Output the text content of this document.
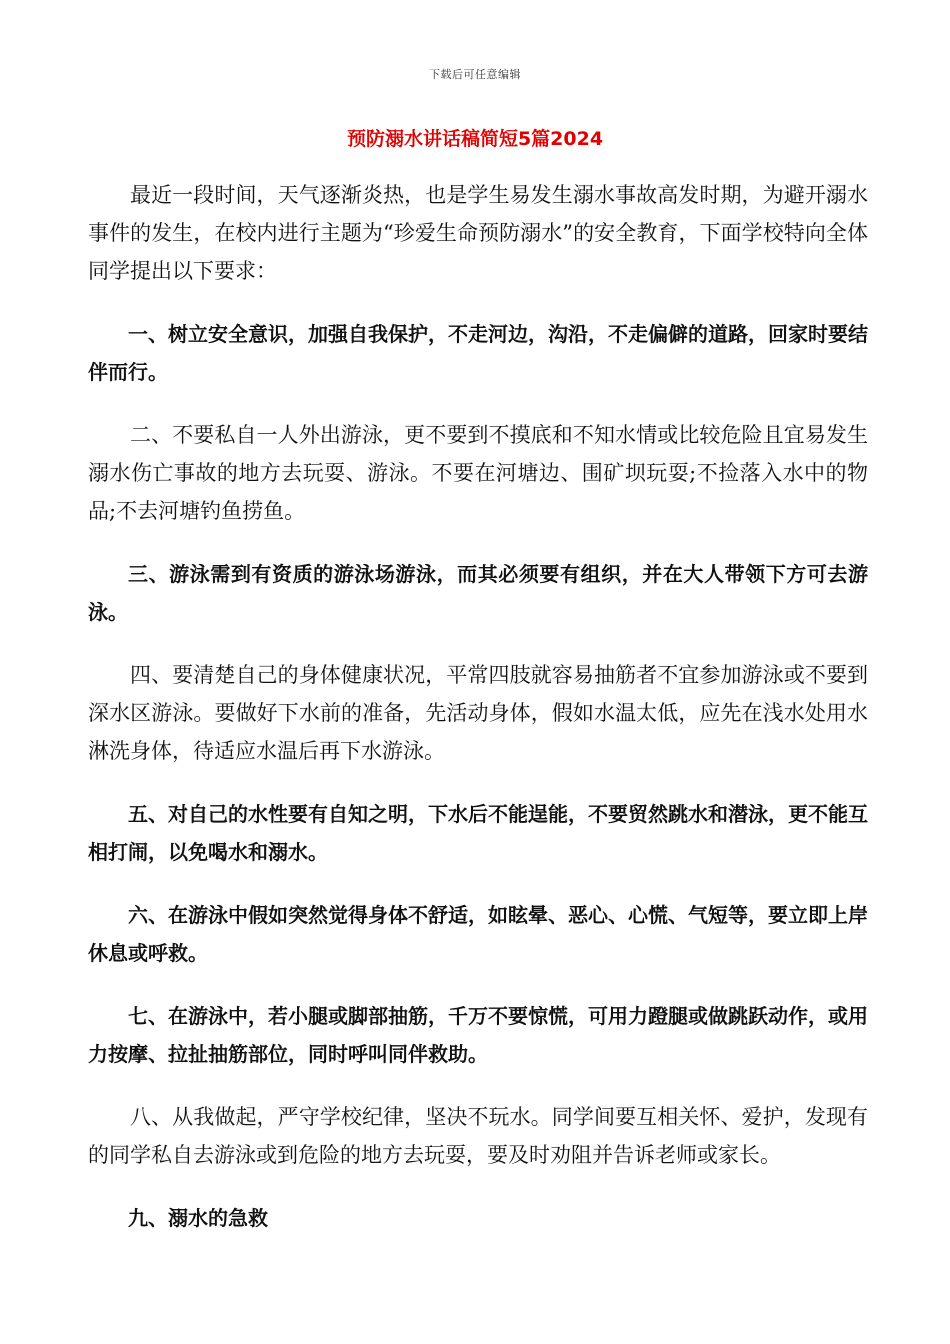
下载后可任意编辑
预防溺水讲话稿简短5篇2024

最近一段时间，天气逐渐炎热，也是学生易发生溺水事故高发时期，为避开溺水事件的发生，在校内进行主题为“珍爱生命预防溺水”的安全教育，下面学校特向全体同学提出以下要求：

一、树立安全意识，加强自我保护，不走河边，沟沿，不走偏僻的道路，回家时要结伴而行。

二、不要私自一人外出游泳，更不要到不摸底和不知水情或比较危险且宜易发生溺水伤亡事故的地方去玩耍、游泳。不要在河塘边、围矿坝玩耍;不捡落入水中的物品;不去河塘钓鱼捞鱼。

三、游泳需到有资质的游泳场游泳，而其必须要有组织，并在大人带领下方可去游泳。

四、要清楚自己的身体健康状况，平常四肢就容易抽筋者不宜参加游泳或不要到深水区游泳。要做好下水前的准备，先活动身体，假如水温太低，应先在浅水处用水淋洗身体，待适应水温后再下水游泳。

五、对自己的水性要有自知之明，下水后不能逞能，不要贸然跳水和潜泳，更不能互相打闹，以免喝水和溺水。

六、在游泳中假如突然觉得身体不舒适，如眩晕、恶心、心慌、气短等，要立即上岸休息或呼救。

七、在游泳中，若小腿或脚部抽筋，千万不要惊慌，可用力蹬腿或做跳跃动作，或用力按摩、拉扯抽筋部位，同时呼叫同伴救助。

八、从我做起，严守学校纪律，坚决不玩水。同学间要互相关怀、爱护，发现有的同学私自去游泳或到危险的地方去玩耍，要及时劝阻并告诉老师或家长。

九、溺水的急救
